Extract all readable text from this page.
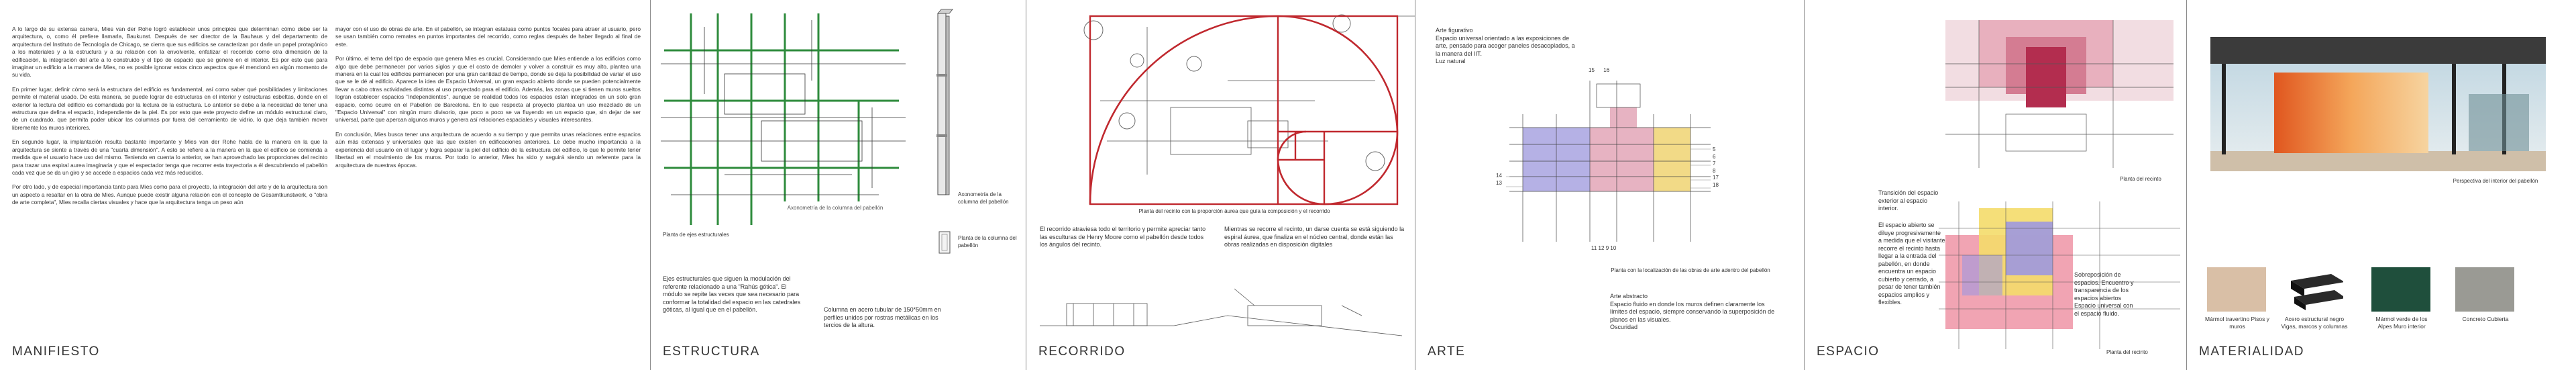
A lo largo de su extensa carrera, Mies van der Rohe logró establecer unos principios que determinan cómo debe ser la arquitectura, o, como él prefiere llamarla, Baukunst. Después de ser director de la Bauhaus y del departamento de arquitectura del Instituto de Tecnología de Chicago, se cierra que sus edificios se caracterizan por darle un papel protagónico a los materiales y a la estructura y a su relación con la envolvente, enfatizar el recorrido como otra dimensión de la edificación, la integración del arte a lo construido y el tipo de espacio que se genere en el interior. Es por esto que para imaginar un edificio a la manera de Mies, no es posible ignorar estos cinco aspectos que él mencionó en algún momento de su vida.

En primer lugar, definir cómo será la estructura del edificio es fundamental, así como saber qué posibilidades y limitaciones permite el material usado. De esta manera, se puede lograr de estructuras en el interior y estructuras esbeltas, donde en el exterior la lectura del edificio es comandada por la lectura de la estructura. Lo anterior se debe a la necesidad de tener una estructura que defina el espacio, independiente de la piel. Es por esto que este proyecto define un módulo estructural claro, de un cuadrado, que permita poder ubicar las columnas por fuera del cerramiento de vidrio, lo que deja también mover libremente los muros interiores.

En segundo lugar, la implantación resulta bastante importante y Mies van der Rohe habla de la manera en la que la arquitectura se siente a través de una "cuarta dimensión". A esto se refiere a la manera en la que el edificio se comienda a medida que el usuario hace uso del mismo. Teniendo en cuenta lo anterior, se han aprovechado las proporciones del recinto para trazar una espiral aurea imaginaria y que el espectador tenga que recorrer esta trayectoria a él descubriendo el pabellón cada vez que se da un giro y se accede a espacios cada vez más reducidos.

Por otro lado, y de especial importancia tanto para Mies como para el proyecto, la integración del arte y de la arquitectura son un aspecto a resaltar en la obra de Mies. Aunque puede existir alguna relación con el concepto de Gesamtkunstwerk, o "obra de arte completa", Mies recalla ciertas visuales y hace que la arquitectura tenga un peso aún

mayor con el uso de obras de arte. En el pabellón, se integran estatuas como puntos focales para atraer al usuario, pero se usan también como remates en puntos importantes del recorrido, como reglas después de haber llegado al final de este.

Por último, el tema del tipo de espacio que genera Mies es crucial. Considerando que Mies entiende a los edificios como algo que debe permanecer por varios siglos y que el costo de demoler y volver a construir es muy alto, plantea una manera en la cual los edificios permanecen por una gran cantidad de tiempo, donde se deja la posibilidad de variar el uso que se le dé al edificio. Aparece la idea de Espacio Universal, un gran espacio abierto donde se pueden potencialmente llevar a cabo otras actividades distintas al uso proyectado para el edificio. Además, las zonas que si tienen muros sueltos logran establecer espacios "independientes", aunque se realidad todos los espacios están integrados en un solo gran espacio, como ocurre en el Pabellón de Barcelona. En lo que respecta al proyecto plantea un uso mezclado de un "Espacio Universal" con ningún muro divisorio, que poco a poco se va fluyendo en un espacio que, sin dejar de ser universal, parte que apercan algunos muros y genera así relaciones espaciales y visuales interesantes.

En conclusión, Mies busca tener una arquitectura de acuerdo a su tiempo y que permita unas relaciones entre espacios aún más extensas y universales que las que existen en edificaciones anteriores. Le debe mucho importancia a la experiencia del usuario en el lugar y logra separar la piel del edificio de la estructura del edificio, lo que le permite tener libertad en el movimiento de los muros. Por todo lo anterior, Mies ha sido y seguirá siendo un referente para la arquitectura de nuestras épocas.

MANIFIESTO
Axonometría de la columna del pabellón
Planta de ejes estructurales
Axonometría de la columna del pabellón
Planta de la columna del pabellón
Ejes estructurales que siguen la modulación del referente relacionado a una "Rahús gótica". El módulo se repite las veces que sea necesario para conformar la totalidad del espacio en las catedrales góticas, al igual que en el pabellón.	Columna en acero tubular de 150*50mm en perfiles unidos por rostras metálicas en los tercios de la altura.
ESTRUCTURA
Planta del recinto con la proporción áurea que guía la composición y el recorrido
El recorrido atraviesa todo el territorio y permite apreciar tanto las esculturas de Henry Moore como el pabellón desde todos los ángulos del recinto.
Mientras se recorre el recinto, un darse cuenta se está siguiendo la espiral áurea, que finaliza en el núcleo central, donde están las obras realizadas en disposición digitales
RECORRIDO
Arte figurativo
Espacio universal orientado a las exposiciones de arte, pensado para acoger paneles desacoplados, a la manera del IIT.
Luz natural
15 16
5
6
7
8
17
18
14
13
11 12 9 10
Planta con la localización de las obras de arte adentro del pabellón
Arte abstracto
Espacio fluido en donde los muros definen claramente los límites del espacio, siempre conservando la superposición de planos en las visuales.
Oscuridad
ARTE
Planta del recinto
Transición del espacio exterior al espacio interior.
El espacio abierto se diluye progresivamente a medida que el visitante recorre el recinto hasta llegar a la entrada del pabellón, en donde encuentra un espacio cubierto y cerrado, a pesar de tener también espacios amplios y flexibles.
Sobreposición de espacios. Encuentro y transparencia de los espacios abiertos Espacio universal con el espacio fluido.
Planta del recinto
ESPACIO
Perspectiva del interior del pabellón
Mármol travertino Pisos y muros
Acero estructural negro Vigas, marcos y columnas
Mármol verde de los Alpes Muro interior
Concreto Cubierta
MATERIALIDAD
